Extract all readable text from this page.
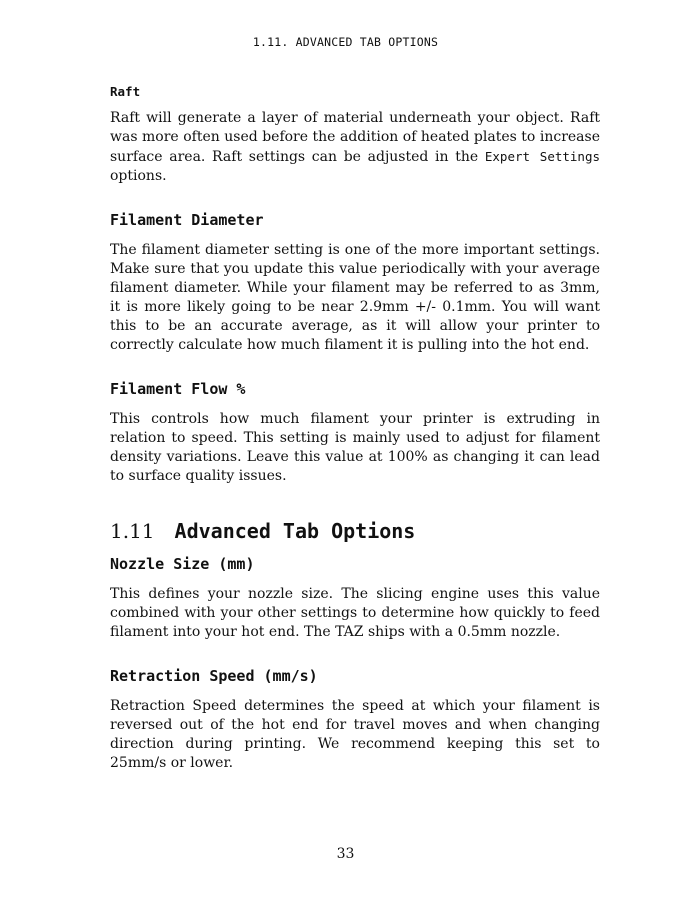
1.11. ADVANCED TAB OPTIONS
Raft

Raft will generate a layer of material underneath your object. Raft was more often used before the addition of heated plates to increase surface area. Raft settings can be adjusted in the Expert Settings options.

Filament Diameter

The filament diameter setting is one of the more important settings. Make sure that you update this value periodically with your average filament diameter. While your filament may be referred to as 3mm, it is more likely going to be near 2.9mm +/- 0.1mm. You will want this to be an accurate average, as it will allow your printer to correctly calculate how much filament it is pulling into the hot end.

Filament Flow %

This controls how much filament your printer is extruding in relation to speed. This setting is mainly used to adjust for filament density variations. Leave this value at 100% as changing it can lead to surface quality issues.

1.11 Advanced Tab Options
Nozzle Size (mm)

This defines your nozzle size. The slicing engine uses this value combined with your other settings to determine how quickly to feed filament into your hot end. The TAZ ships with a 0.5mm nozzle.

Retraction Speed (mm/s)

Retraction Speed determines the speed at which your filament is reversed out of the hot end for travel moves and when changing direction during printing. We recommend keeping this set to 25mm/s or lower.

33
